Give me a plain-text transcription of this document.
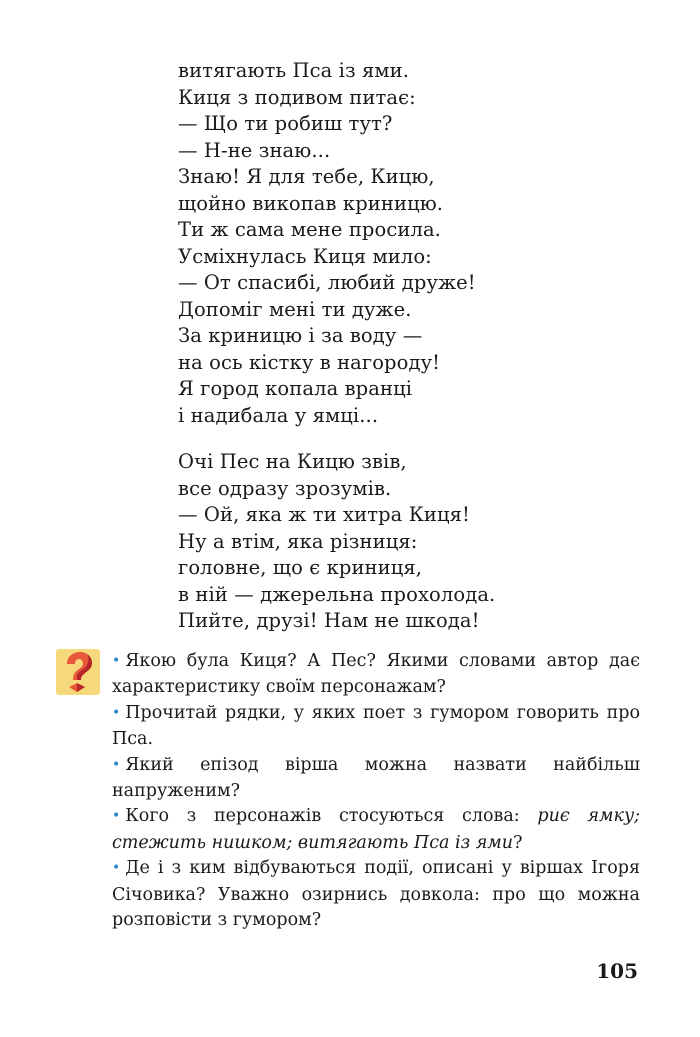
витягають Пса із ями.
Киця з подивом питає:
— Що ти робиш тут?
— Н-не знаю...
Знаю! Я для тебе, Кицю,
щойно викопав криницю.
Ти ж сама мене просила.
Усміхнулась Киця мило:
— От спасибі, любий друже!
Допоміг мені ти дуже.
За криницю і за воду —
на ось кістку в нагороду!
Я город копала вранці
і надибала у ямці...
Очі Пес на Кицю звів,
все одразу зрозумів.
— Ой, яка ж ти хитра Киця!
Ну а втім, яка різниця:
головне, що є криниця,
в ній — джерельна прохолода.
Пийте, друзі! Нам не шкода!

• Якою була Киця? А Пес? Якими словами автор дає характеристику своїм персонажам?

• Прочитай рядки, у яких поет з гумором говорить про Пса.

• Який епізод вірша можна назвати найбільш напруженим?

• Кого з персонажів стосуються слова: риє ямку; стежить нишком; витягають Пса із ями?

• Де і з ким відбуваються події, описані у віршах Ігоря Січовика? Уважно озирнись довкола: про що можна розповісти з гумором?

105
